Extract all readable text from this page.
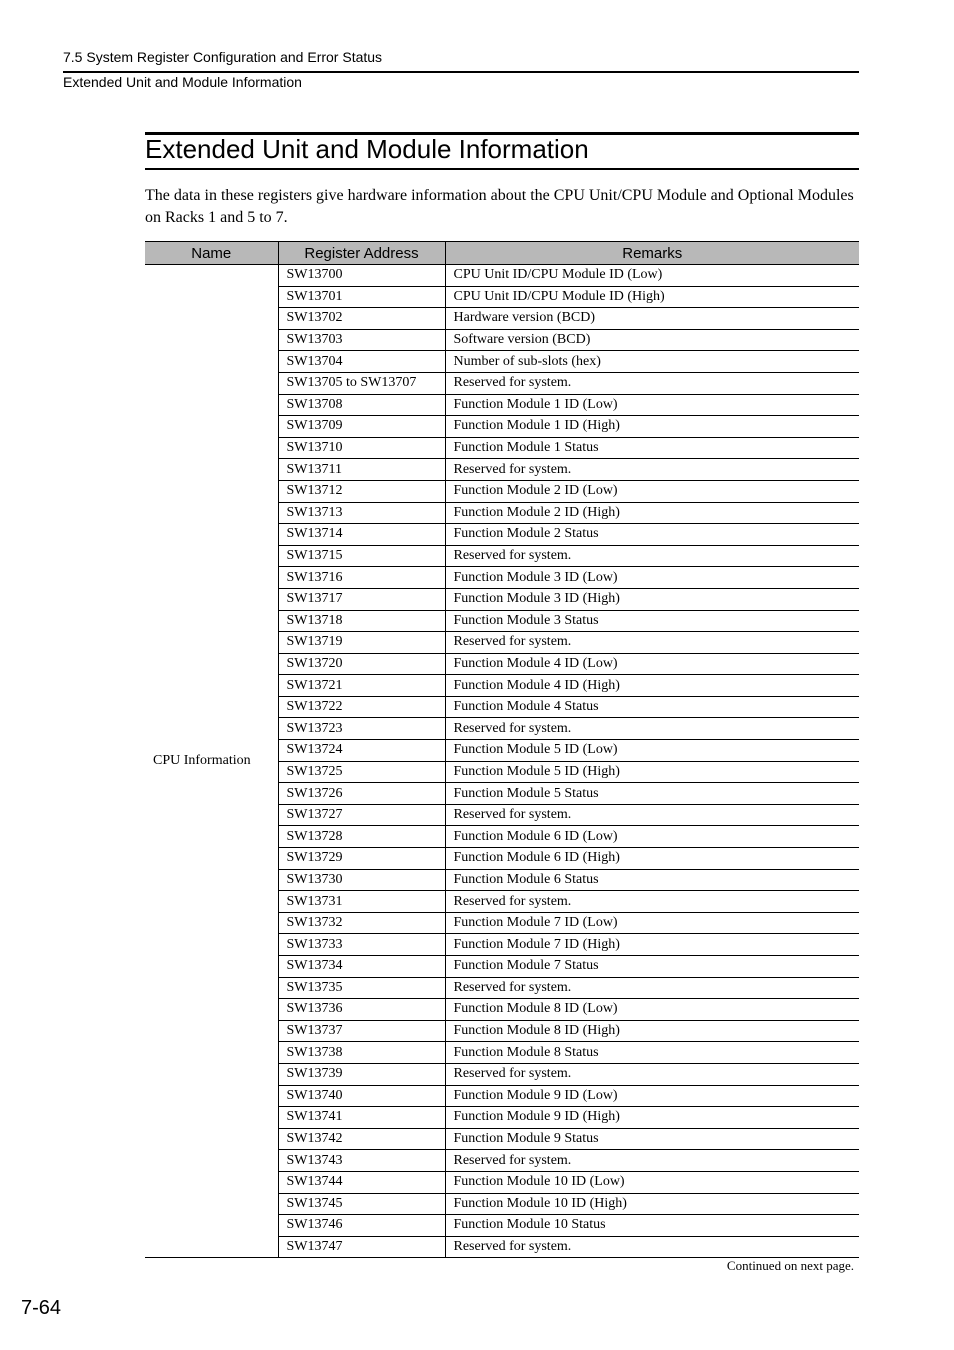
7.5 System Register Configuration and Error Status
Extended Unit and Module Information
Extended Unit and Module Information
The data in these registers give hardware information about the CPU Unit/CPU Module and Optional Modules on Racks 1 and 5 to 7.
Name	Register Address	Remarks
CPU Information	SW13700	CPU Unit ID/CPU Module ID (Low)
	SW13701	CPU Unit ID/CPU Module ID (High)
	SW13702	Hardware version (BCD)
	SW13703	Software version (BCD)
	SW13704	Number of sub-slots (hex)
	SW13705 to SW13707	Reserved for system.
	SW13708	Function Module 1 ID (Low)
	SW13709	Function Module 1 ID (High)
	SW13710	Function Module 1 Status
	SW13711	Reserved for system.
	SW13712	Function Module 2 ID (Low)
	SW13713	Function Module 2 ID (High)
	SW13714	Function Module 2 Status
	SW13715	Reserved for system.
	SW13716	Function Module 3 ID (Low)
	SW13717	Function Module 3 ID (High)
	SW13718	Function Module 3 Status
	SW13719	Reserved for system.
	SW13720	Function Module 4 ID (Low)
	SW13721	Function Module 4 ID (High)
	SW13722	Function Module 4 Status
	SW13723	Reserved for system.
	SW13724	Function Module 5 ID (Low)
	SW13725	Function Module 5 ID (High)
	SW13726	Function Module 5 Status
	SW13727	Reserved for system.
	SW13728	Function Module 6 ID (Low)
	SW13729	Function Module 6 ID (High)
	SW13730	Function Module 6 Status
	SW13731	Reserved for system.
	SW13732	Function Module 7 ID (Low)
	SW13733	Function Module 7 ID (High)
	SW13734	Function Module 7 Status
	SW13735	Reserved for system.
	SW13736	Function Module 8 ID (Low)
	SW13737	Function Module 8 ID (High)
	SW13738	Function Module 8 Status
	SW13739	Reserved for system.
	SW13740	Function Module 9 ID (Low)
	SW13741	Function Module 9 ID (High)
	SW13742	Function Module 9 Status
	SW13743	Reserved for system.
	SW13744	Function Module 10 ID (Low)
	SW13745	Function Module 10 ID (High)
	SW13746	Function Module 10 Status
	SW13747	Reserved for system.
Continued on next page.
7-64
